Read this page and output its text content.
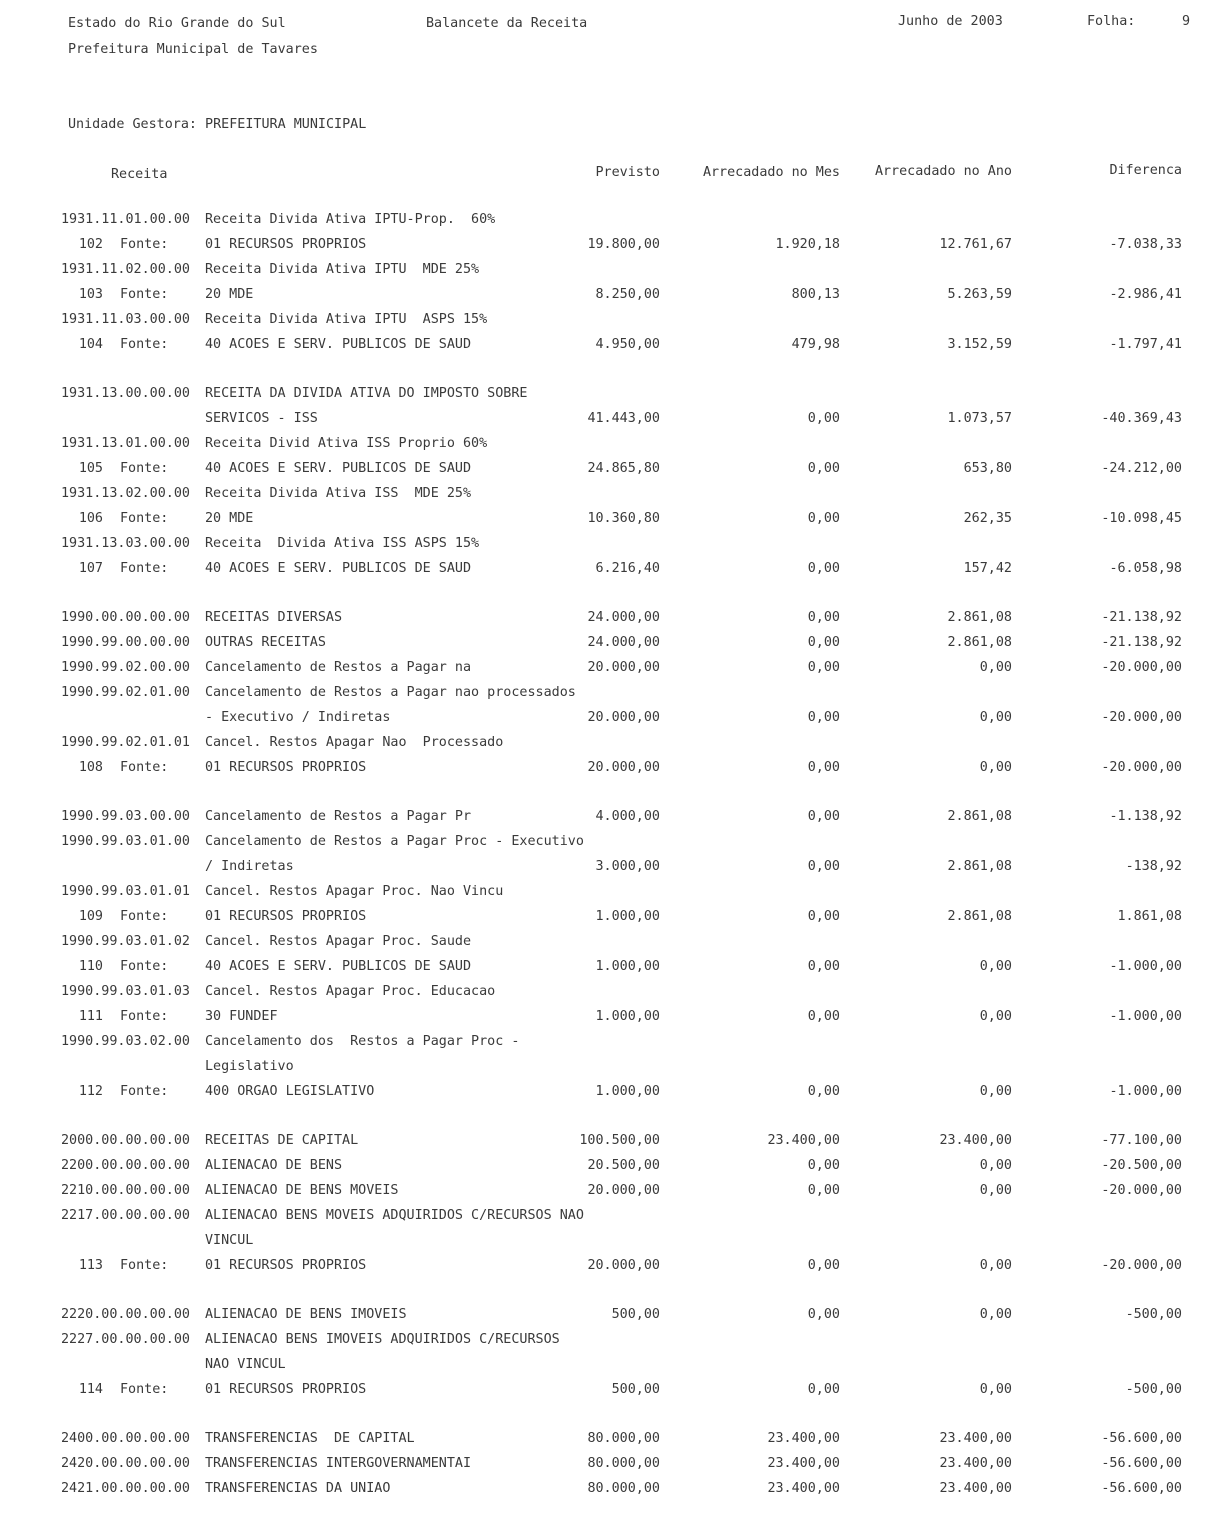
Estado do Rio Grande do Sul
Prefeitura Municipal de Tavares
Balancete da Receita	Junho de 2003	Folha:	9
Unidade Gestora: PREFEITURA MUNICIPAL
Receita	Previsto	Arrecadado no Mes	Arrecadado no Ano	Diferenca
1931.11.01.00.00 Receita Divida Ativa IPTU-Prop.  60%
102 Fonte:	01 RECURSOS PROPRIOS	19.800,00	1.920,18	12.761,67	-7.038,33
1931.11.02.00.00 Receita Divida Ativa IPTU  MDE 25%
103 Fonte:	20 MDE	8.250,00	800,13	5.263,59	-2.986,41
1931.11.03.00.00 Receita Divida Ativa IPTU  ASPS 15%
104 Fonte:	40 ACOES E SERV. PUBLICOS DE SAUD	4.950,00	479,98	3.152,59	-1.797,41
1931.13.00.00.00 RECEITA DA DIVIDA ATIVA DO IMPOSTO SOBRE
SERVICOS - ISS	41.443,00	0,00	1.073,57	-40.369,43
1931.13.01.00.00 Receita Divid Ativa ISS Proprio 60%
105 Fonte:	40 ACOES E SERV. PUBLICOS DE SAUD	24.865,80	0,00	653,80	-24.212,00
1931.13.02.00.00 Receita Divida Ativa ISS  MDE 25%
106 Fonte:	20 MDE	10.360,80	0,00	262,35	-10.098,45
1931.13.03.00.00 Receita  Divida Ativa ISS ASPS 15%
107 Fonte:	40 ACOES E SERV. PUBLICOS DE SAUD	6.216,40	0,00	157,42	-6.058,98
1990.00.00.00.00 RECEITAS DIVERSAS	24.000,00	0,00	2.861,08	-21.138,92
1990.99.00.00.00 OUTRAS RECEITAS	24.000,00	0,00	2.861,08	-21.138,92
1990.99.02.00.00 Cancelamento de Restos a Pagar na	20.000,00	0,00	0,00	-20.000,00
1990.99.02.01.00 Cancelamento de Restos a Pagar nao processados
- Executivo / Indiretas	20.000,00	0,00	0,00	-20.000,00
1990.99.02.01.01 Cancel. Restos Apagar Nao  Processado
108 Fonte:	01 RECURSOS PROPRIOS	20.000,00	0,00	0,00	-20.000,00
1990.99.03.00.00 Cancelamento de Restos a Pagar Pr	4.000,00	0,00	2.861,08	-1.138,92
1990.99.03.01.00 Cancelamento de Restos a Pagar Proc - Executivo
/ Indiretas	3.000,00	0,00	2.861,08	-138,92
1990.99.03.01.01 Cancel. Restos Apagar Proc. Nao Vincu
109 Fonte:	01 RECURSOS PROPRIOS	1.000,00	0,00	2.861,08	1.861,08
1990.99.03.01.02 Cancel. Restos Apagar Proc. Saude
110 Fonte:	40 ACOES E SERV. PUBLICOS DE SAUD	1.000,00	0,00	0,00	-1.000,00
1990.99.03.01.03 Cancel. Restos Apagar Proc. Educacao
111 Fonte:	30 FUNDEF	1.000,00	0,00	0,00	-1.000,00
1990.99.03.02.00 Cancelamento dos  Restos a Pagar Proc -
Legislativo
112 Fonte:	400 ORGAO LEGISLATIVO	1.000,00	0,00	0,00	-1.000,00
2000.00.00.00.00 RECEITAS DE CAPITAL	100.500,00	23.400,00	23.400,00	-77.100,00
2200.00.00.00.00 ALIENACAO DE BENS	20.500,00	0,00	0,00	-20.500,00
2210.00.00.00.00 ALIENACAO DE BENS MOVEIS	20.000,00	0,00	0,00	-20.000,00
2217.00.00.00.00 ALIENACAO BENS MOVEIS ADQUIRIDOS C/RECURSOS NAO
VINCUL
113 Fonte:	01 RECURSOS PROPRIOS	20.000,00	0,00	0,00	-20.000,00
2220.00.00.00.00 ALIENACAO DE BENS IMOVEIS	500,00	0,00	0,00	-500,00
2227.00.00.00.00 ALIENACAO BENS IMOVEIS ADQUIRIDOS C/RECURSOS
NAO VINCUL
114 Fonte:	01 RECURSOS PROPRIOS	500,00	0,00	0,00	-500,00
2400.00.00.00.00 TRANSFERENCIAS  DE CAPITAL	80.000,00	23.400,00	23.400,00	-56.600,00
2420.00.00.00.00 TRANSFERENCIAS INTERGOVERNAMENTAI	80.000,00	23.400,00	23.400,00	-56.600,00
2421.00.00.00.00 TRANSFERENCIAS DA UNIAO	80.000,00	23.400,00	23.400,00	-56.600,00
